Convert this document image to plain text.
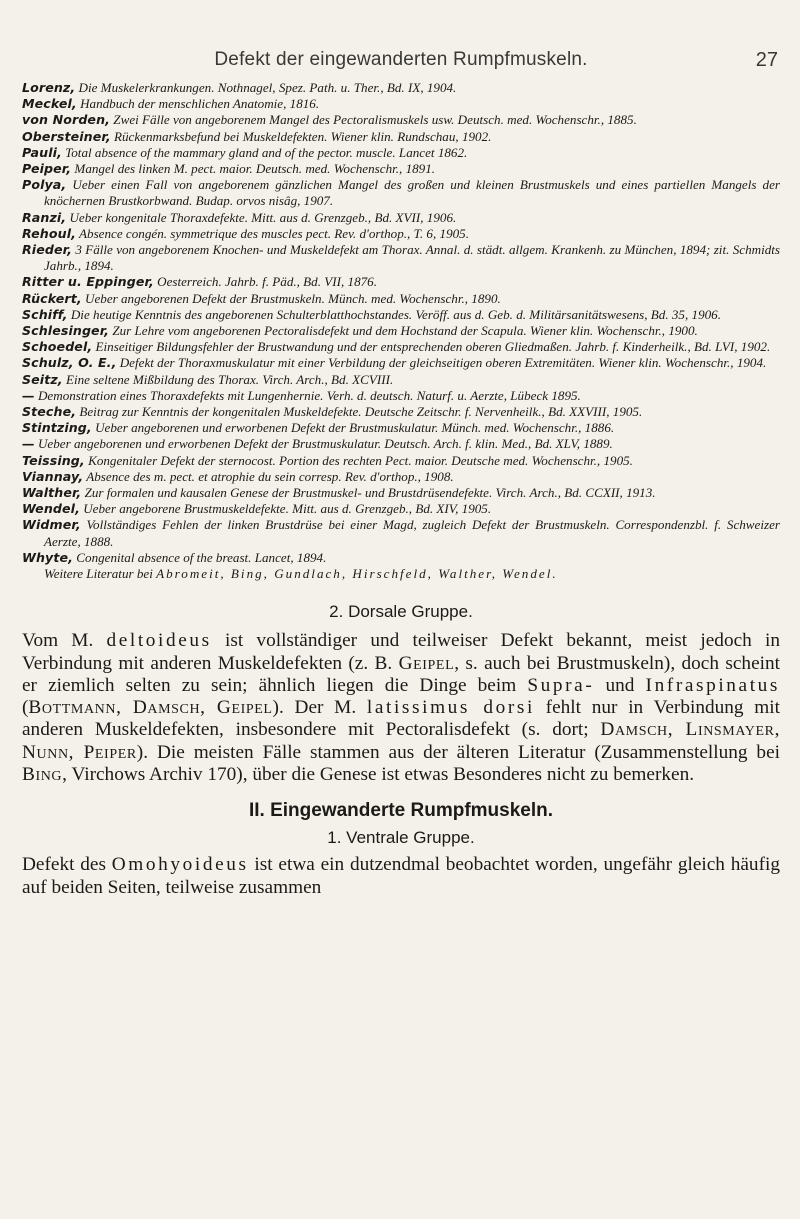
Defekt der eingewanderten Rumpfmuskeln.	27
Lorenz, Die Muskelerkrankungen. Nothnagel, Spez. Path. u. Ther., Bd. IX, 1904.
Meckel, Handbuch der menschlichen Anatomie, 1816.
von Norden, Zwei Fälle von angeborenem Mangel des Pectoralismuskels usw. Deutsch. med. Wochenschr., 1885.
Obersteiner, Rückenmarksbefund bei Muskeldefekten. Wiener klin. Rundschau, 1902.
Pauli, Total absence of the mammary gland and of the pector. muscle. Lancet 1862.
Peiper, Mangel des linken M. pect. maior. Deutsch. med. Wochenschr., 1891.
Polya, Ueber einen Fall von angeborenem gänzlichen Mangel des großen und kleinen Brustmuskels und eines partiellen Mangels der knöchernen Brustkorbwand. Budap. orvos nisâg, 1907.
Ranzi, Ueber kongenitale Thoraxdefekte. Mitt. aus d. Grenzgeb., Bd. XVII, 1906.
Rehoul, Absence congén. symmetrique des muscles pect. Rev. d'orthop., T. 6, 1905.
Rieder, 3 Fälle von angeborenem Knochen- und Muskeldefekt am Thorax. Annal. d. städt. allgem. Krankenh. zu München, 1894; zit. Schmidts Jahrb., 1894.
Ritter u. Eppinger, Oesterreich. Jahrb. f. Päd., Bd. VII, 1876.
Rückert, Ueber angeborenen Defekt der Brustmuskeln. Münch. med. Wochenschr., 1890.
Schiff, Die heutige Kenntnis des angeborenen Schulterblatthochstandes. Veröff. aus d. Geb. d. Militärsanitätswesens, Bd. 35, 1906.
Schlesinger, Zur Lehre vom angeborenen Pectoralisdefekt und dem Hochstand der Scapula. Wiener klin. Wochenschr., 1900.
Schoedel, Einseitiger Bildungsfehler der Brustwandung und der entsprechenden oberen Gliedmaßen. Jahrb. f. Kinderheilk., Bd. LVI, 1902.
Schulz, O. E., Defekt der Thoraxmuskulatur mit einer Verbildung der gleichseitigen oberen Extremitäten. Wiener klin. Wochenschr., 1904.
Seitz, Eine seltene Mißbildung des Thorax. Virch. Arch., Bd. XCVIII.
— Demonstration eines Thoraxdefekts mit Lungenhernie. Verh. d. deutsch. Naturf. u. Aerzte, Lübeck 1895.
Steche, Beitrag zur Kenntnis der kongenitalen Muskeldefekte. Deutsche Zeitschr. f. Nervenheilk., Bd. XXVIII, 1905.
Stintzing, Ueber angeborenen und erworbenen Defekt der Brustmuskulatur. Münch. med. Wochenschr., 1886.
— Ueber angeborenen und erworbenen Defekt der Brustmuskulatur. Deutsch. Arch. f. klin. Med., Bd. XLV, 1889.
Teissing, Kongenitaler Defekt der sternocost. Portion des rechten Pect. maior. Deutsche med. Wochenschr., 1905.
Viannay, Absence des m. pect. et atrophie du sein corresp. Rev. d'orthop., 1908.
Walther, Zur formalen und kausalen Genese der Brustmuskel- und Brustdrüsendefekte. Virch. Arch., Bd. CCXII, 1913.
Wendel, Ueber angeborene Brustmuskeldefekte. Mitt. aus d. Grenzgeb., Bd. XIV, 1905.
Widmer, Vollständiges Fehlen der linken Brustdrüse bei einer Magd, zugleich Defekt der Brustmuskeln. Correspondenzbl. f. Schweizer Aerzte, 1888.
Whyte, Congenital absence of the breast. Lancet, 1894.

Weitere Literatur bei Abromeit, Bing, Gundlach, Hirschfeld, Walther, Wendel.

2. Dorsale Gruppe.

Vom M. deltoideus ist vollständiger und teilweiser Defekt bekannt, meist jedoch in Verbindung mit anderen Muskeldefekten (z. B. Geipel, s. auch bei Brustmuskeln), doch scheint er ziemlich selten zu sein; ähnlich liegen die Dinge beim Supra- und Infraspinatus (Bottmann, Damsch, Geipel). Der M. latissimus dorsi fehlt nur in Verbindung mit anderen Muskeldefekten, insbesondere mit Pectoralisdefekt (s. dort; Damsch, Linsmayer, Nunn, Peiper). Die meisten Fälle stammen aus der älteren Literatur (Zusammenstellung bei Bing, Virchows Archiv 170), über die Genese ist etwas Besonderes nicht zu bemerken.

II. Eingewanderte Rumpfmuskeln.
1. Ventrale Gruppe.

Defekt des Omohyoideus ist etwa ein dutzendmal beobachtet worden, ungefähr gleich häufig auf beiden Seiten, teilweise zusammen
